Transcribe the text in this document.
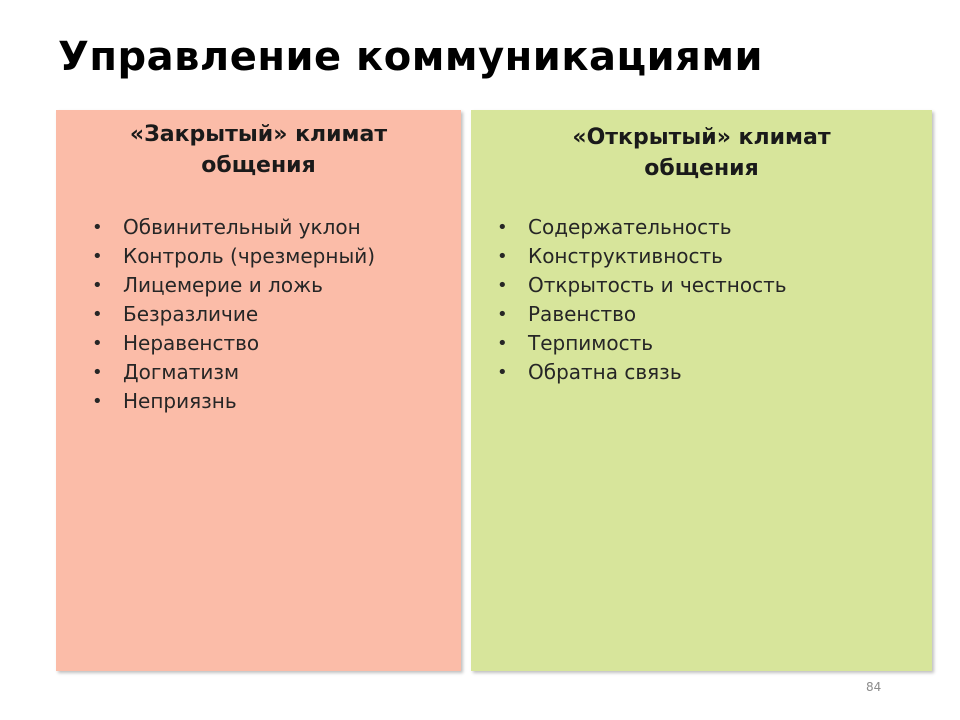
Управление коммуникациями
«Закрытый» климат
общения
• Обвинительный уклон
• Контроль (чрезмерный)
• Лицемерие и ложь
• Безразличие
• Неравенство
• Догматизм
• Неприязнь
«Открытый» климат
общения
• Содержательность
• Конструктивность
• Открытость и честность
• Равенство
• Терпимость
• Обратна связь
84
